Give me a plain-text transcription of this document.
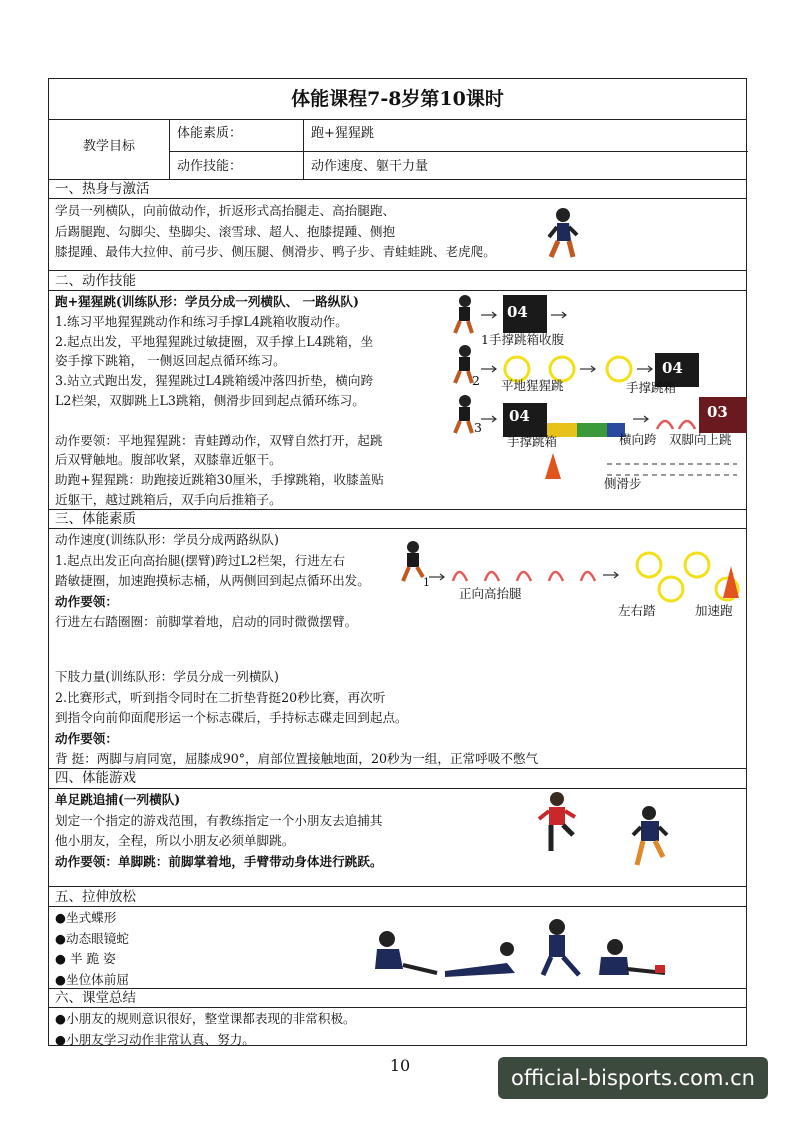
体能课程7-8岁第10课时
教学目标
体能素质：	跑+猩猩跳
动作技能：	动作速度、躯干力量
一、热身与激活
学员一列横队，向前做动作，折返形式高抬腿走、高抬腿跑、
后踢腿跑、勾脚尖、垫脚尖、滚雪球、超人、抱膝提踵、侧抱
膝提踵、最伟大拉伸、前弓步、侧压腿、侧滑步、鸭子步、青蛙蛙跳、老虎爬。
二、动作技能
跑+猩猩跳(训练队形：学员分成一列横队、 一路纵队)
1.练习平地猩猩跳动作和练习手撑L4跳箱收腹动作。
2.起点出发，平地猩猩跳过敏捷圈，双手撑上L4跳箱，坐
姿手撑下跳箱， 一侧返回起点循环练习。
3.站立式跑出发，猩猩跳过L4跳箱缓冲落四折垫，横向跨
L2栏架，双脚跳上L3跳箱，侧滑步回到起点循环练习。
动作要领：平地猩猩跳：青蛙蹲动作，双臂自然打开，起跳
后双臂触地。腹部收紧，双膝靠近躯干。
助跑+猩猩跳：助跑接近跳箱30厘米，手撑跳箱，收膝盖贴
近躯干，越过跳箱后，双手向后推箱子。
04
1手撑跳箱收腹
2 平地猩猩跳
04
手撑跳箱
3
04	03
手撑跳箱	横向跨 双脚向上跳
侧滑步
三、体能素质
动作速度(训练队形：学员分成两路纵队)
1.起点出发正向高抬腿(摆臂)跨过L2栏架，行进左右
踏敏捷圈，加速跑摸标志桶，从两侧回到起点循环出发。
动作要领：
行进左右踏圈圈：前脚掌着地，启动的同时微微摆臂。
下肢力量(训练队形：学员分成一列横队)
2.比赛形式，听到指令同时在二折垫背挺20秒比赛，再次听
到指令向前仰面爬形运一个标志碟后，手持标志碟走回到起点。
动作要领：
背 挺：两脚与肩同宽，屈膝成90°，肩部位置接触地面，20秒为一组，正常呼吸不憋气
1
正向高抬腿
左右踏	加速跑
四、体能游戏
单足跳追捕(一列横队)
划定一个指定的游戏范围，有教练指定一个小朋友去追捕其
他小朋友，全程，所以小朋友必须单脚跳。
动作要领：单脚跳：前脚掌着地，手臂带动身体进行跳跃。
五、拉伸放松
●坐式蝶形
●动态眼镜蛇
● 半 跪 姿
●坐位体前屈
六、课堂总结
●小朋友的规则意识很好，整堂课都表现的非常积极。
●小朋友学习动作非常认真、努力。
10
official-bisports.com.cn
